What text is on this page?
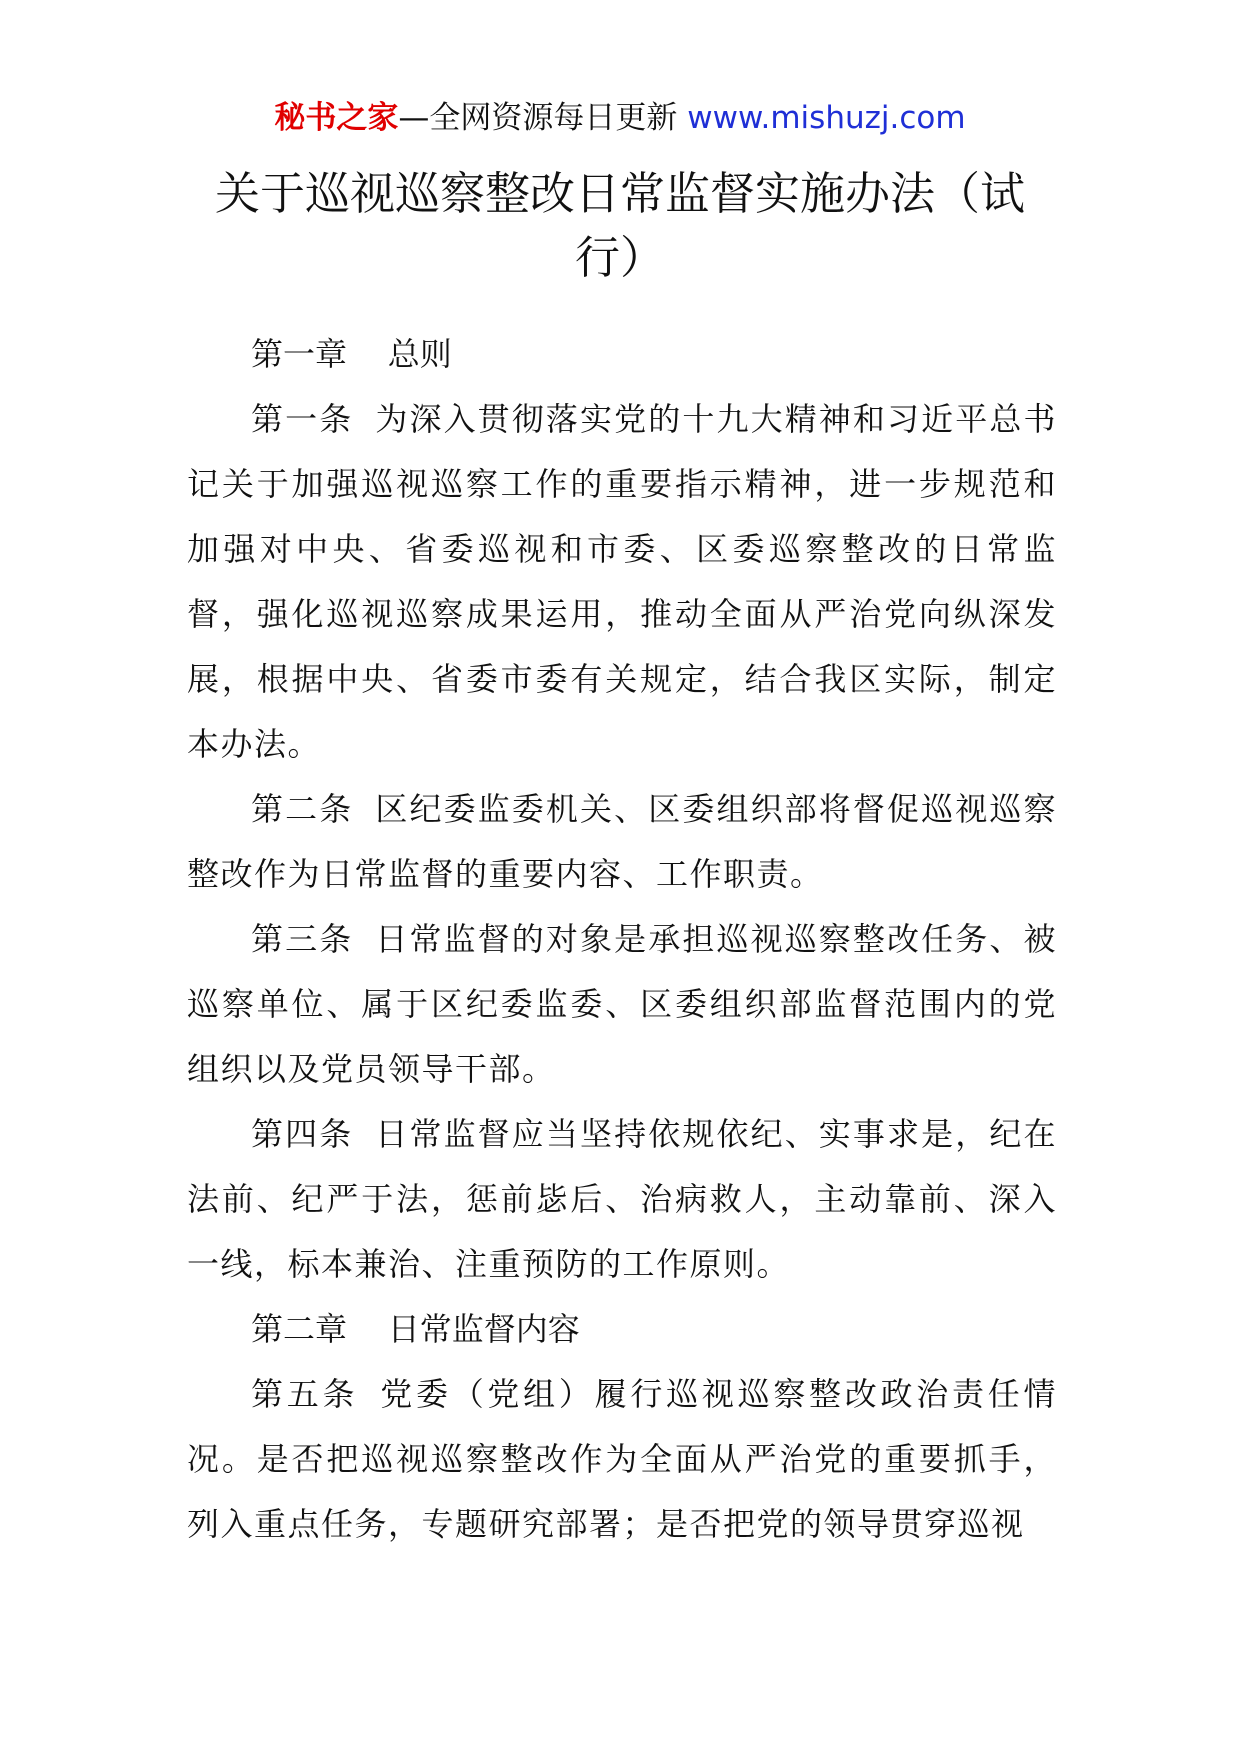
秘书之家—全网资源每日更新 www.mishuzj.com
关于巡视巡察整改日常监督实施办法（试
行）

第一章 总则

第一条 为深入贯彻落实党的十九大精神和习近平总书记关于加强巡视巡察工作的重要指示精神，进一步规范和加强对中央、省委巡视和市委、区委巡察整改的日常监督，强化巡视巡察成果运用，推动全面从严治党向纵深发展，根据中央、省委市委有关规定，结合我区实际，制定本办法。

第二条 区纪委监委机关、区委组织部将督促巡视巡察整改作为日常监督的重要内容、工作职责。

第三条 日常监督的对象是承担巡视巡察整改任务、被巡察单位、属于区纪委监委、区委组织部监督范围内的党组织以及党员领导干部。

第四条 日常监督应当坚持依规依纪、实事求是，纪在法前、纪严于法，惩前毖后、治病救人，主动靠前、深入一线，标本兼治、注重预防的工作原则。

第二章 日常监督内容

第五条 党委（党组）履行巡视巡察整改政治责任情况。是否把巡视巡察整改作为全面从严治党的重要抓手，列入重点任务，专题研究部署；是否把党的领导贯穿巡视
